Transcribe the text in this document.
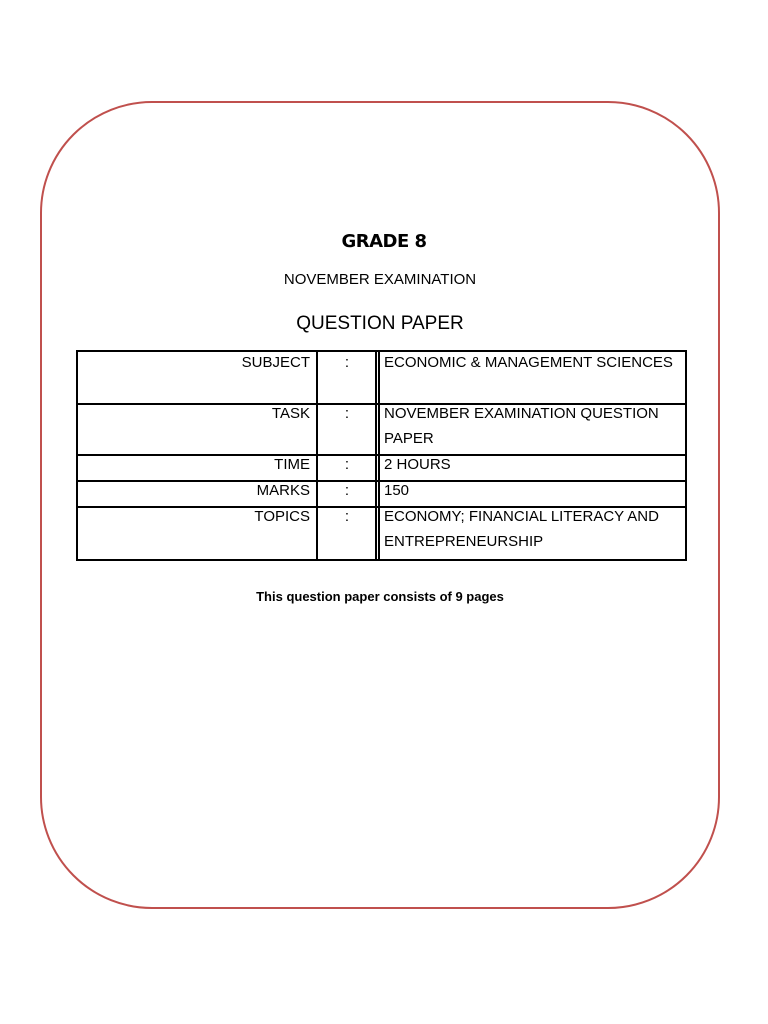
GRADE 8
NOVEMBER EXAMINATION
QUESTION PAPER
SUBJECT	:	ECONOMIC & MANAGEMENT SCIENCES
TASK	:	NOVEMBER EXAMINATION QUESTION PAPER
TIME	:	2 HOURS
MARKS	:	150
TOPICS	:	ECONOMY; FINANCIAL LITERACY AND ENTREPRENEURSHIP
This question paper consists of 9 pages
